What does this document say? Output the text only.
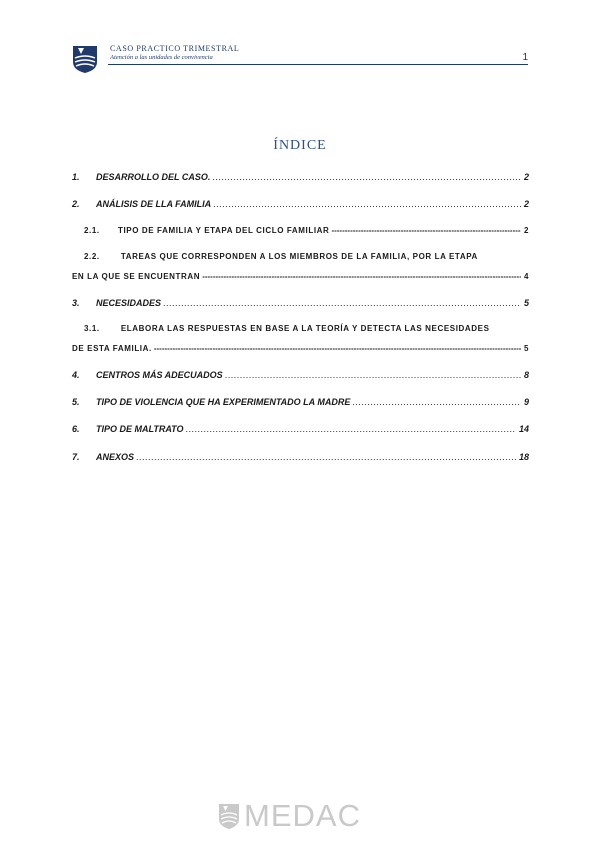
CASO PRACTICO TRIMESTRAL
Atención a las unidades de convivencia	1
ÍNDICE
1.	DESARROLLO DEL CASO. .....	2
2.	ANÁLISIS DE LLA FAMILIA .....	2
2.1.	TIPO DE FAMILIA Y ETAPA DEL CICLO FAMILIAR -----	2
2.2.	TAREAS QUE CORRESPONDEN A LOS MIEMBROS DE LA FAMILIA, POR LA ETAPA
EN LA QUE SE ENCUENTRAN -----	4
3.	NECESIDADES .....	5
3.1.	ELABORA LAS RESPUESTAS EN BASE A LA TEORÍA Y DETECTA LAS NECESIDADES
DE ESTA FAMILIA. -----	5
4.	CENTROS MÁS ADECUADOS .....	8
5.	TIPO DE VIOLENCIA QUE HA EXPERIMENTADO LA MADRE .....	9
6.	TIPO DE MALTRATO .....	14
7.	ANEXOS .....	18
MEDAC
